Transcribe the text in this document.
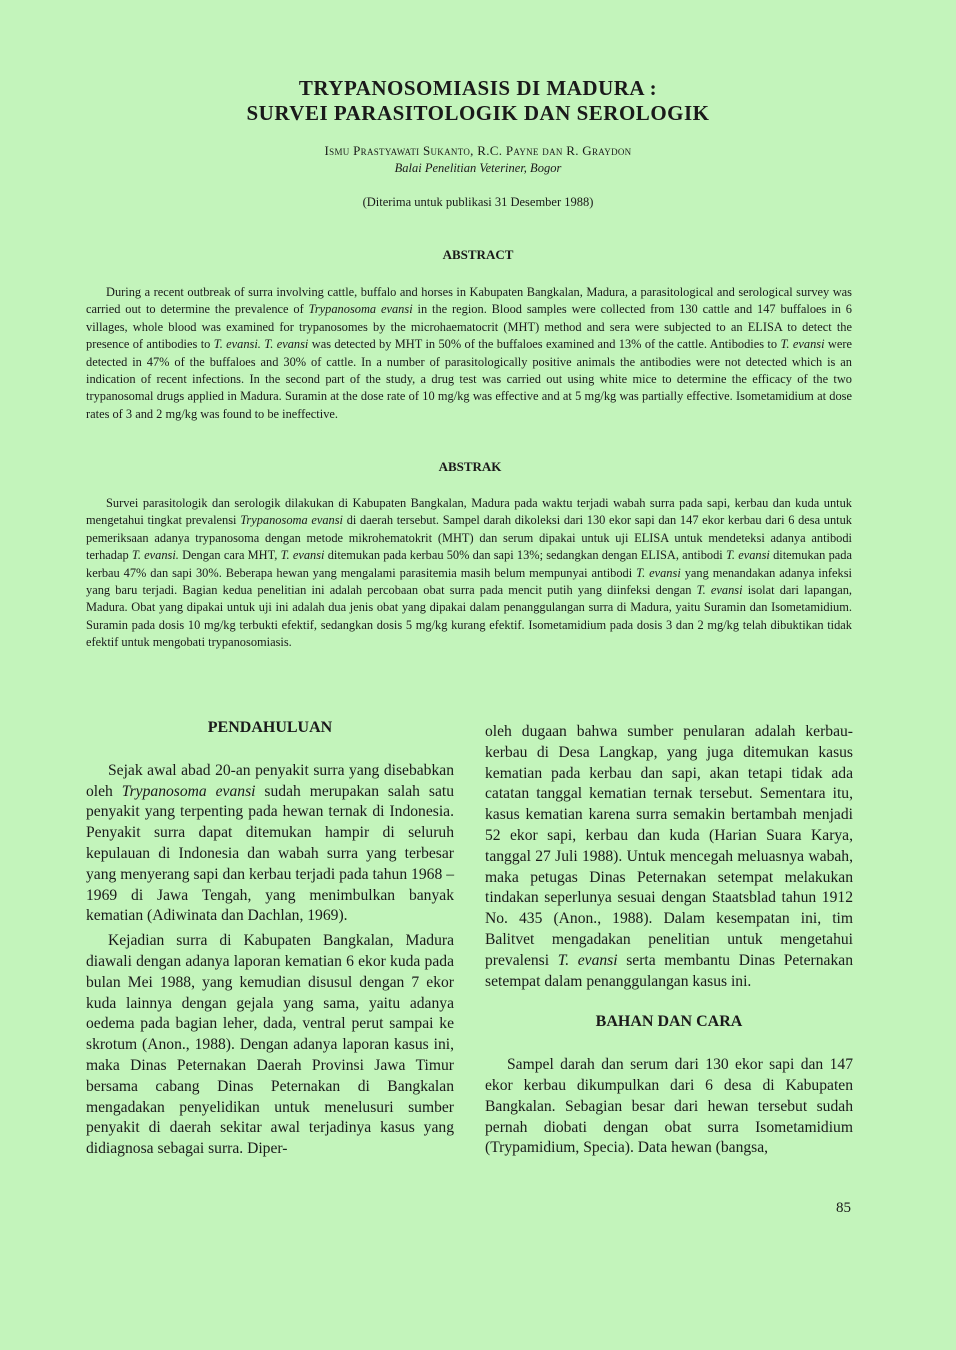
TRYPANOSOMIASIS DI MADURA :
SURVEI PARASITOLOGIK DAN SEROLOGIK
Ismu Prastyawati Sukanto, R.C. Payne dan R. Graydon
Balai Penelitian Veteriner, Bogor
(Diterima untuk publikasi 31 Desember 1988)
ABSTRACT

During a recent outbreak of surra involving cattle, buffalo and horses in Kabupaten Bangkalan, Madura, a parasitological and serological survey was carried out to determine the prevalence of Trypanosoma evansi in the region. Blood samples were collected from 130 cattle and 147 buffaloes in 6 villages, whole blood was examined for trypanosomes by the microhaematocrit (MHT) method and sera were subjected to an ELISA to detect the presence of antibodies to T. evansi. T. evansi was detected by MHT in 50% of the buffaloes examined and 13% of the cattle. Antibodies to T. evansi were detected in 47% of the buffaloes and 30% of cattle. In a number of parasitologically positive animals the antibodies were not detected which is an indication of recent infections. In the second part of the study, a drug test was carried out using white mice to determine the efficacy of the two trypanosomal drugs applied in Madura. Suramin at the dose rate of 10 mg/kg was effective and at 5 mg/kg was partially effective. Isometamidium at dose rates of 3 and 2 mg/kg was found to be ineffective.

ABSTRAK

Survei parasitologik dan serologik dilakukan di Kabupaten Bangkalan, Madura pada waktu terjadi wabah surra pada sapi, kerbau dan kuda untuk mengetahui tingkat prevalensi Trypanosoma evansi di daerah tersebut. Sampel darah dikoleksi dari 130 ekor sapi dan 147 ekor kerbau dari 6 desa untuk pemeriksaan adanya trypanosoma dengan metode mikrohematokrit (MHT) dan serum dipakai untuk uji ELISA untuk mendeteksi adanya antibodi terhadap T. evansi. Dengan cara MHT, T. evansi ditemukan pada kerbau 50% dan sapi 13%; sedangkan dengan ELISA, antibodi T. evansi ditemukan pada kerbau 47% dan sapi 30%. Beberapa hewan yang mengalami parasitemia masih belum mempunyai antibodi T. evansi yang menandakan adanya infeksi yang baru terjadi. Bagian kedua penelitian ini adalah percobaan obat surra pada mencit putih yang diinfeksi dengan T. evansi isolat dari lapangan, Madura. Obat yang dipakai untuk uji ini adalah dua jenis obat yang dipakai dalam penanggulangan surra di Madura, yaitu Suramin dan Isometamidium. Suramin pada dosis 10 mg/kg terbukti efektif, sedangkan dosis 5 mg/kg kurang efektif. Isometamidium pada dosis 3 dan 2 mg/kg telah dibuktikan tidak efektif untuk mengobati trypanosomiasis.

PENDAHULUAN

Sejak awal abad 20-an penyakit surra yang disebabkan oleh Trypanosoma evansi sudah merupakan salah satu penyakit yang terpenting pada hewan ternak di Indonesia. Penyakit surra dapat ditemukan hampir di seluruh kepulauan di Indonesia dan wabah surra yang terbesar yang menyerang sapi dan kerbau terjadi pada tahun 1968 – 1969 di Jawa Tengah, yang menimbulkan banyak kematian (Adiwinata dan Dachlan, 1969).

Kejadian surra di Kabupaten Bangkalan, Madura diawali dengan adanya laporan kematian 6 ekor kuda pada bulan Mei 1988, yang kemudian disusul dengan 7 ekor kuda lainnya dengan gejala yang sama, yaitu adanya oedema pada bagian leher, dada, ventral perut sampai ke skrotum (Anon., 1988). Dengan adanya laporan kasus ini, maka Dinas Peternakan Daerah Provinsi Jawa Timur bersama cabang Dinas Peternakan di Bangkalan mengadakan penyelidikan untuk menelusuri sumber penyakit di daerah sekitar awal terjadinya kasus yang didiagnosa sebagai surra. Diper-

oleh dugaan bahwa sumber penularan adalah kerbau-kerbau di Desa Langkap, yang juga ditemukan kasus kematian pada kerbau dan sapi, akan tetapi tidak ada catatan tanggal kematian ternak tersebut. Sementara itu, kasus kematian karena surra semakin bertambah menjadi 52 ekor sapi, kerbau dan kuda (Harian Suara Karya, tanggal 27 Juli 1988). Untuk mencegah meluasnya wabah, maka petugas Dinas Peternakan setempat melakukan tindakan seperlunya sesuai dengan Staatsblad tahun 1912 No. 435 (Anon., 1988). Dalam kesempatan ini, tim Balitvet mengadakan penelitian untuk mengetahui prevalensi T. evansi serta membantu Dinas Peternakan setempat dalam penanggulangan kasus ini.

BAHAN DAN CARA

Sampel darah dan serum dari 130 ekor sapi dan 147 ekor kerbau dikumpulkan dari 6 desa di Kabupaten Bangkalan. Sebagian besar dari hewan tersebut sudah pernah diobati dengan obat surra Isometamidium (Trypamidium, Specia). Data hewan (bangsa,

85
